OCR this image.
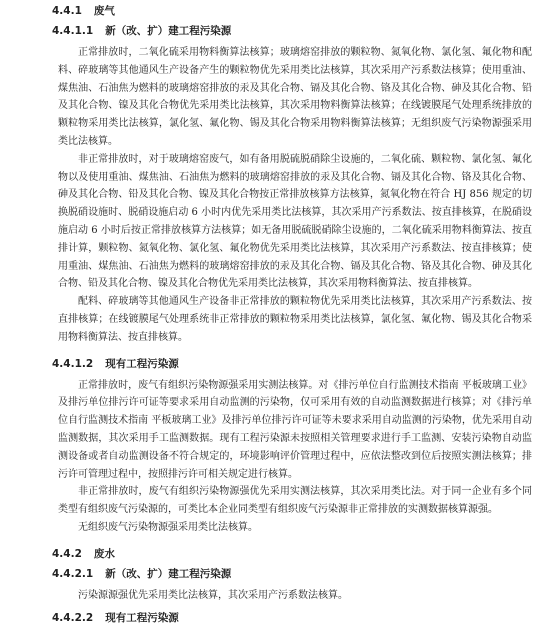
4.4.1 废气
4.4.1.1 新（改、扩）建工程污染源

正常排放时，二氧化硫采用物料衡算法核算；玻璃熔窑排放的颗粒物、氮氧化物、氯化氢、氟化物和配料、碎玻璃等其他通风生产设备产生的颗粒物优先采用类比法核算，其次采用产污系数法核算；使用重油、煤焦油、石油焦为燃料的玻璃熔窑排放的汞及其化合物、镉及其化合物、铬及其化合物、砷及其化合物、铅及其化合物、镍及其化合物优先采用类比法核算，其次采用物料衡算法核算；在线镀膜尾气处理系统排放的颗粒物采用类比法核算，氯化氢、氟化物、锡及其化合物采用物料衡算法核算；无组织废气污染物源强采用类比法核算。

非正常排放时，对于玻璃熔窑废气，如有备用脱硫脱硝除尘设施的，二氧化硫、颗粒物、氯化氢、氟化物以及使用重油、煤焦油、石油焦为燃料的玻璃熔窑排放的汞及其化合物、镉及其化合物、铬及其化合物、砷及其化合物、铅及其化合物、镍及其化合物按正常排放核算方法核算，氮氧化物在符合 HJ 856 规定的切换脱硝设施时、脱硝设施启动 6 小时内优先采用类比法核算，其次采用产污系数法、按直排核算，在脱硝设施启动 6 小时后按正常排放核算方法核算；如无备用脱硫脱硝除尘设施的，二氧化硫采用物料衡算法、按直排计算，颗粒物、氮氧化物、氯化氢、氟化物优先采用类比法核算，其次采用产污系数法、按直排核算；使用重油、煤焦油、石油焦为燃料的玻璃熔窑排放的汞及其化合物、镉及其化合物、铬及其化合物、砷及其化合物、铅及其化合物、镍及其化合物优先采用类比法核算，其次采用物料衡算法、按直排核算。

配料、碎玻璃等其他通风生产设备非正常排放的颗粒物优先采用类比法核算，其次采用产污系数法、按直排核算；在线镀膜尾气处理系统非正常排放的颗粒物采用类比法核算，氯化氢、氟化物、锡及其化合物采用物料衡算法、按直排核算。

4.4.1.2 现有工程污染源

正常排放时，废气有组织污染物源强采用实测法核算。对《排污单位自行监测技术指南 平板玻璃工业》及排污单位排污许可证等要求采用自动监测的污染物，仅可采用有效的自动监测数据进行核算；对《排污单位自行监测技术指南 平板玻璃工业》及排污单位排污许可证等未要求采用自动监测的污染物，优先采用自动监测数据，其次采用手工监测数据。现有工程污染源未按照相关管理要求进行手工监测、安装污染物自动监测设备或者自动监测设备不符合规定的，环境影响评价管理过程中，应依法整改到位后按照实测法核算；排污许可管理过程中，按照排污许可相关规定进行核算。

非正常排放时，废气有组织污染物源强优先采用实测法核算，其次采用类比法。对于同一企业有多个同类型有组织废气污染源的，可类比本企业同类型有组织废气污染源非正常排放的实测数据核算源强。

无组织废气污染物源强采用类比法核算。

4.4.2 废水
4.4.2.1 新（改、扩）建工程污染源

污染源源强优先采用类比法核算，其次采用产污系数法核算。

4.4.2.2 现有工程污染源
